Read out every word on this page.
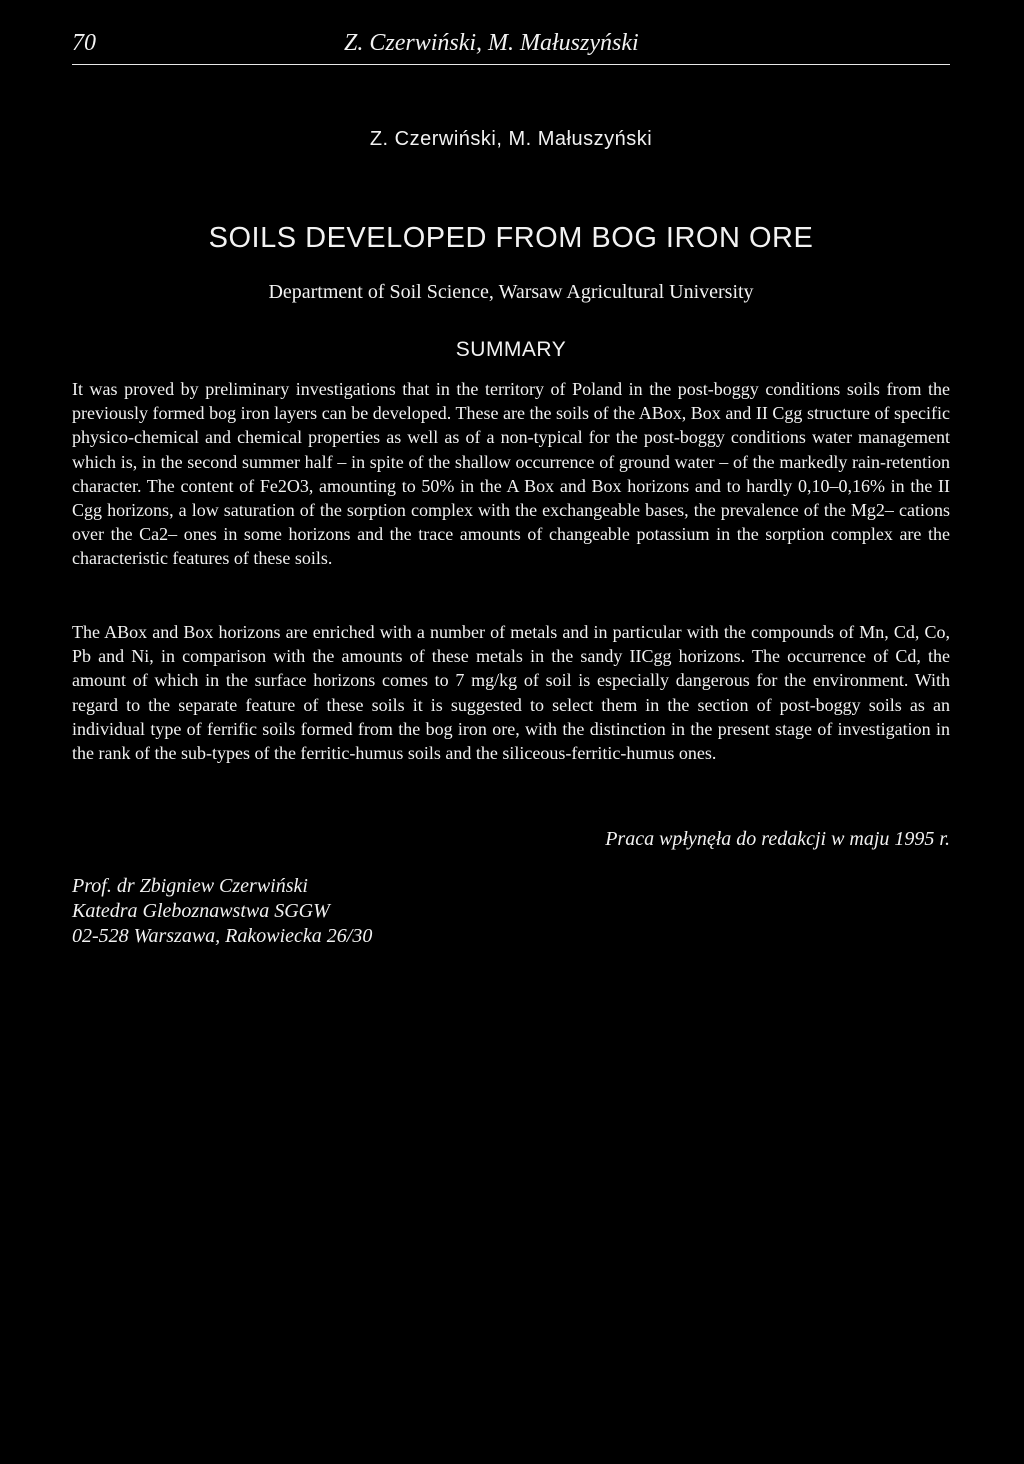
70	Z. Czerwiński, M. Małuszyński
Z. Czerwiński, M. Małuszyński
SOILS DEVELOPED FROM BOG IRON ORE
Department of Soil Science, Warsaw Agricultural University
SUMMARY
It was proved by preliminary investigations that in the territory of Poland in the post-boggy conditions soils from the previously formed bog iron layers can be developed. These are the soils of the ABox, Box and II Cgg structure of specific physico-chemical and chemical properties as well as of a non-typical for the post-boggy conditions water management which is, in the second summer half – in spite of the shallow occurrence of ground water – of the markedly rain-retention character. The content of Fe2O3, amounting to 50% in the A Box and Box horizons and to hardly 0,10–0,16% in the II Cgg horizons, a low saturation of the sorption complex with the exchangeable bases, the prevalence of the Mg2– cations over the Ca2– ones in some horizons and the trace amounts of changeable potassium in the sorption complex are the characteristic features of these soils.
The ABox and Box horizons are enriched with a number of metals and in particular with the compounds of Mn, Cd, Co, Pb and Ni, in comparison with the amounts of these metals in the sandy IICgg horizons. The occurrence of Cd, the amount of which in the surface horizons comes to 7 mg/kg of soil is especially dangerous for the environment. With regard to the separate feature of these soils it is suggested to select them in the section of post-boggy soils as an individual type of ferrific soils formed from the bog iron ore, with the distinction in the present stage of investigation in the rank of the sub-types of the ferritic-humus soils and the siliceous-ferritic-humus ones.
Praca wpłynęła do redakcji w maju 1995 r.
Prof. dr Zbigniew Czerwiński
Katedra Gleboznawstwa SGGW
02-528 Warszawa, Rakowiecka 26/30
